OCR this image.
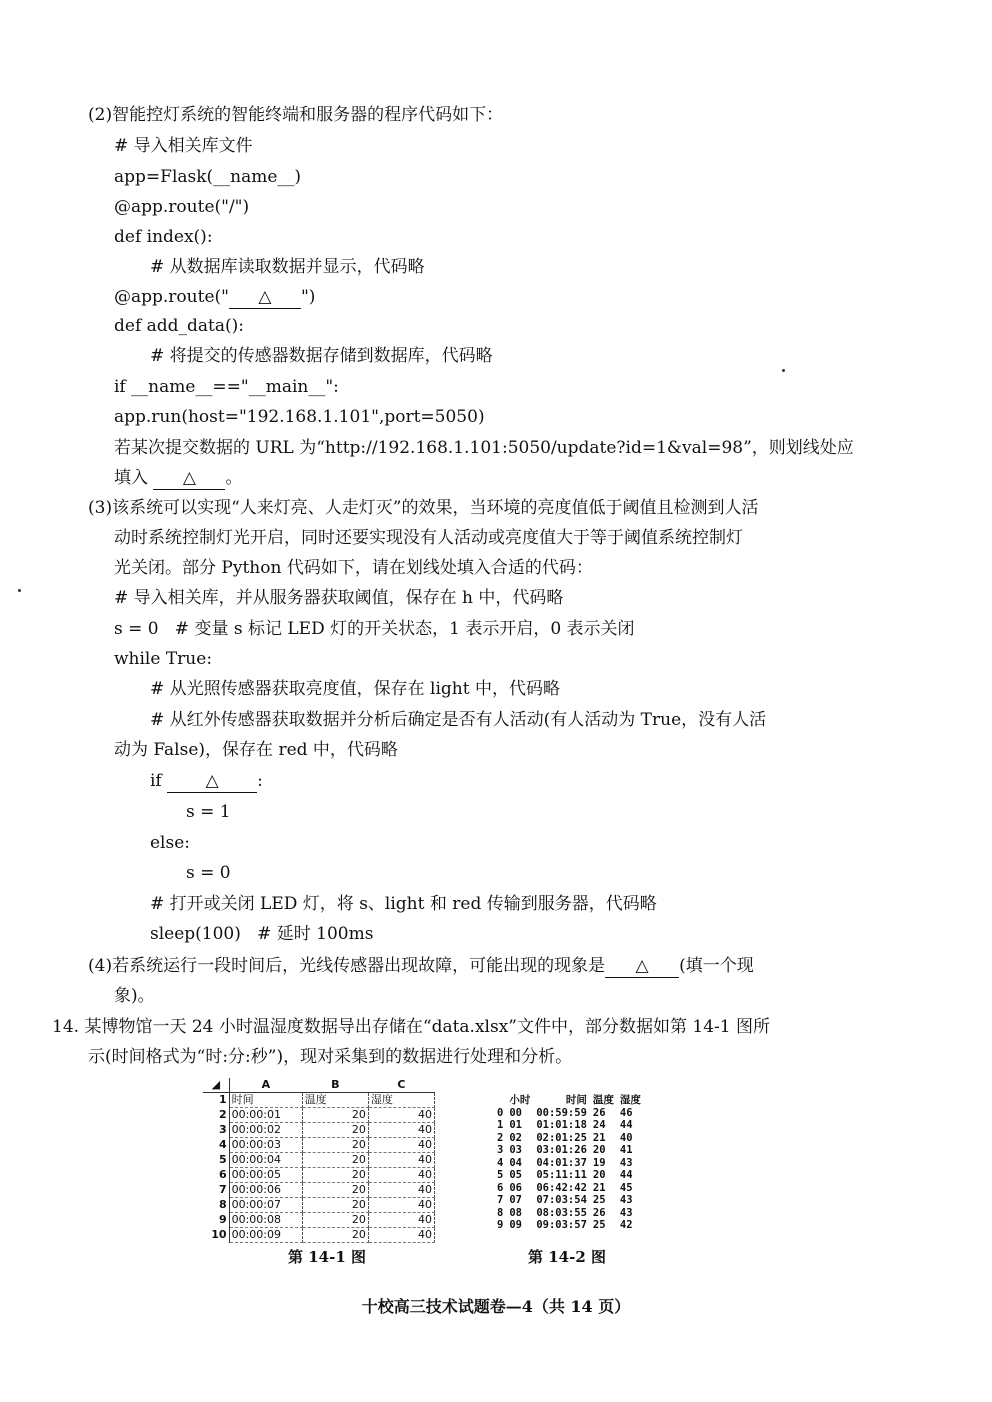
(2)智能控灯系统的智能终端和服务器的程序代码如下：
# 导入相关库文件
app=Flask(__name__)
@app.route("/")
def index():
# 从数据库读取数据并显示，代码略
@app.route(" △ ")
def add_data():
# 将提交的传感器数据存储到数据库，代码略
if __name__=="__main__":
app.run(host="192.168.1.101",port=5050)
若某次提交数据的 URL 为“http://192.168.1.101:5050/update?id=1&val=98”，则划线处应
填入 △ 。
(3)该系统可以实现“人来灯亮、人走灯灭”的效果，当环境的亮度值低于阈值且检测到人活
动时系统控制灯光开启，同时还要实现没有人活动或亮度值大于等于阈值系统控制灯
光关闭。部分 Python 代码如下，请在划线处填入合适的代码：
# 导入相关库，并从服务器获取阈值，保存在 h 中，代码略
s = 0   # 变量 s 标记 LED 灯的开关状态，1 表示开启，0 表示关闭
while True:
# 从光照传感器获取亮度值，保存在 light 中，代码略
# 从红外传感器获取数据并分析后确定是否有人活动(有人活动为 True，没有人活
动为 False)，保存在 red 中，代码略
if	△ :
s = 1
else:
s = 0
# 打开或关闭 LED 灯，将 s、light 和 red 传输到服务器，代码略
sleep(100)   # 延时 100ms
(4)若系统运行一段时间后，光线传感器出现故障，可能出现的现象是 △ (填一个现
象)。
14. 某博物馆一天 24 小时温湿度数据导出存储在“data.xlsx”文件中，部分数据如第 14-1 图所
示(时间格式为“时:分:秒”)，现对采集到的数据进行处理和分析。
◢	A	B	C
1	时间	温度	湿度
2	00:00:01	20	40
3	00:00:02	20	40
4	00:00:03	20	40
5	00:00:04	20	40
6	00:00:05	20	40
7	00:00:06	20	40
8	00:00:07	20	40
9	00:00:08	20	40
10	00:00:09	20	40
第 14-1 图
	小时	时间	温度	湿度
0	00	00:59:59	26	46
1	01	01:01:18	24	44
2	02	02:01:25	21	40
3	03	03:01:26	20	41
4	04	04:01:37	19	43
5	05	05:11:11	20	44
6	06	06:42:42	21	45
7	07	07:03:54	25	43
8	08	08:03:55	26	43
9	09	09:03:57	25	42
第 14-2 图
十校高三技术试题卷—4（共 14 页）
